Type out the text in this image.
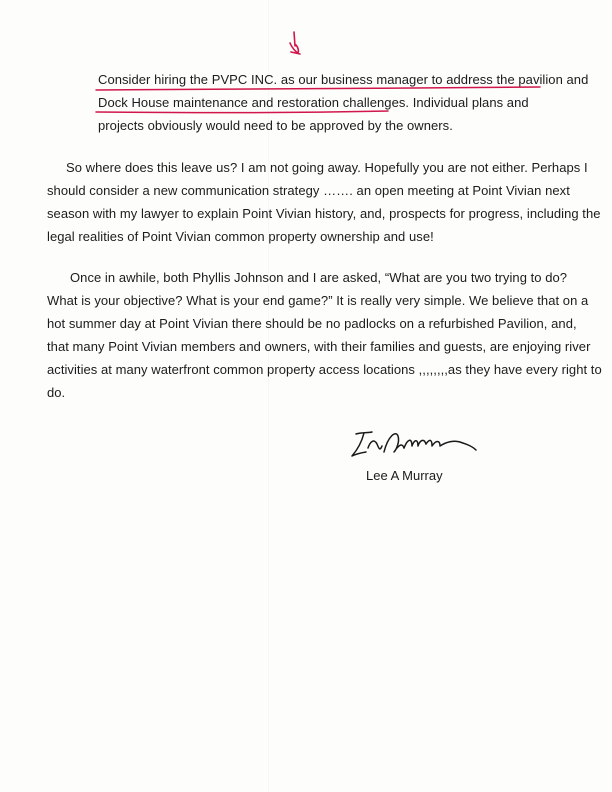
Consider hiring the PVPC INC. as our business manager to address the pavilion and
Dock House maintenance and restoration challenges. Individual plans and
projects obviously would need to be approved by the owners.
So where does this leave us? I am not going away. Hopefully you are not either. Perhaps I
should consider a new communication strategy ……. an open meeting at Point Vivian next
season with my lawyer to explain Point Vivian history, and, prospects for progress, including the
legal realities of Point Vivian common property ownership and use!
Once in awhile, both Phyllis Johnson and I are asked, “What are you two trying to do?
What is your objective? What is your end game?” It is really very simple. We believe that on a
hot summer day at Point Vivian there should be no padlocks on a refurbished Pavilion, and,
that many Point Vivian members and owners, with their families and guests, are enjoying river
activities at many waterfront common property access locations ,,,,,,,,as they have every right to
do.
Lee A Murray
